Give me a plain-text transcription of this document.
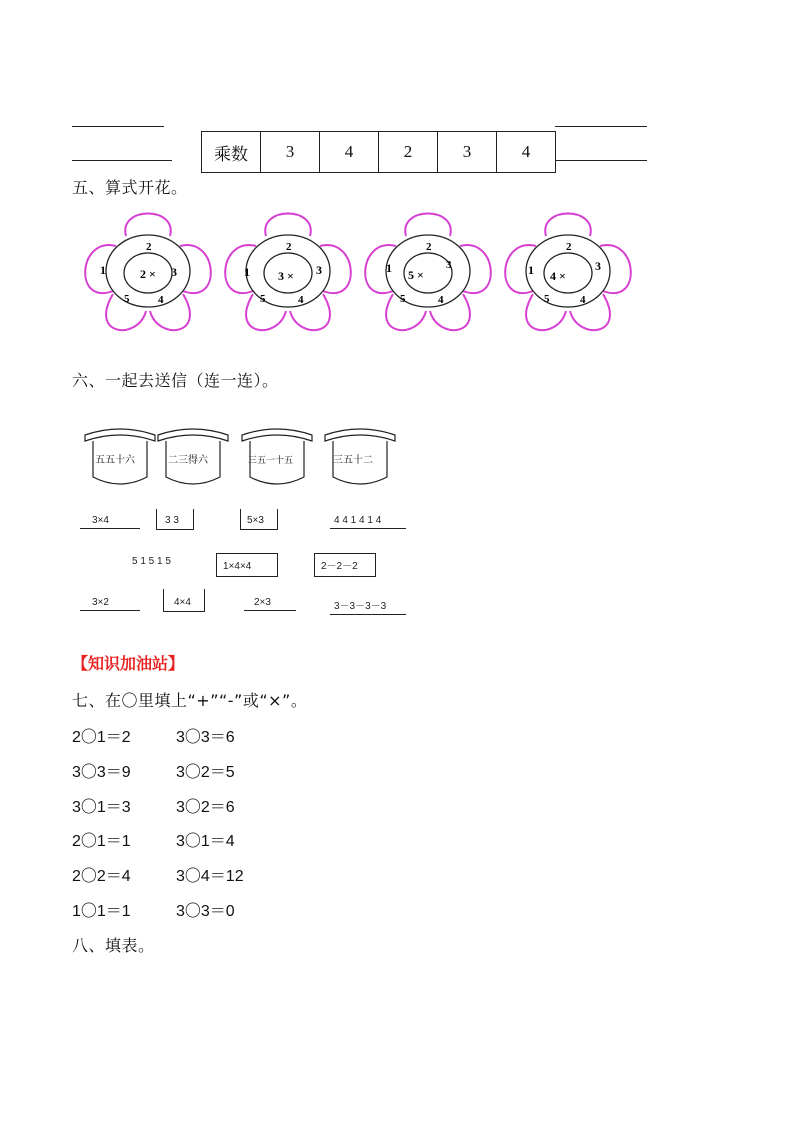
乘数	3	4	2	3	4
五、算式开花。
1
2
3
4
5
2 ×	1
2
3
4
5
3 ×
1
2
3
4
5
5 ×	1
2
3
4
5
4 ×
六、一起去送信（连一连）。
五五十六	二三得六	三五一十五	三五十二
3×4	3 3	5×3	4 4 1 4 1 4
5 1 5 1 5	1×4×4	2－2－2
3×2	4×4	2×3	3－3－3－3
【知识加油站】
七、在〇里填上“+”“-”或“×”。
2〇1＝2	3〇3＝6
3〇3＝9	3〇2＝5
3〇1＝3	3〇2＝6
2〇1＝1	3〇1＝4
2〇2＝4	3〇4＝12
1〇1＝1	3〇3＝0
八、填表。
